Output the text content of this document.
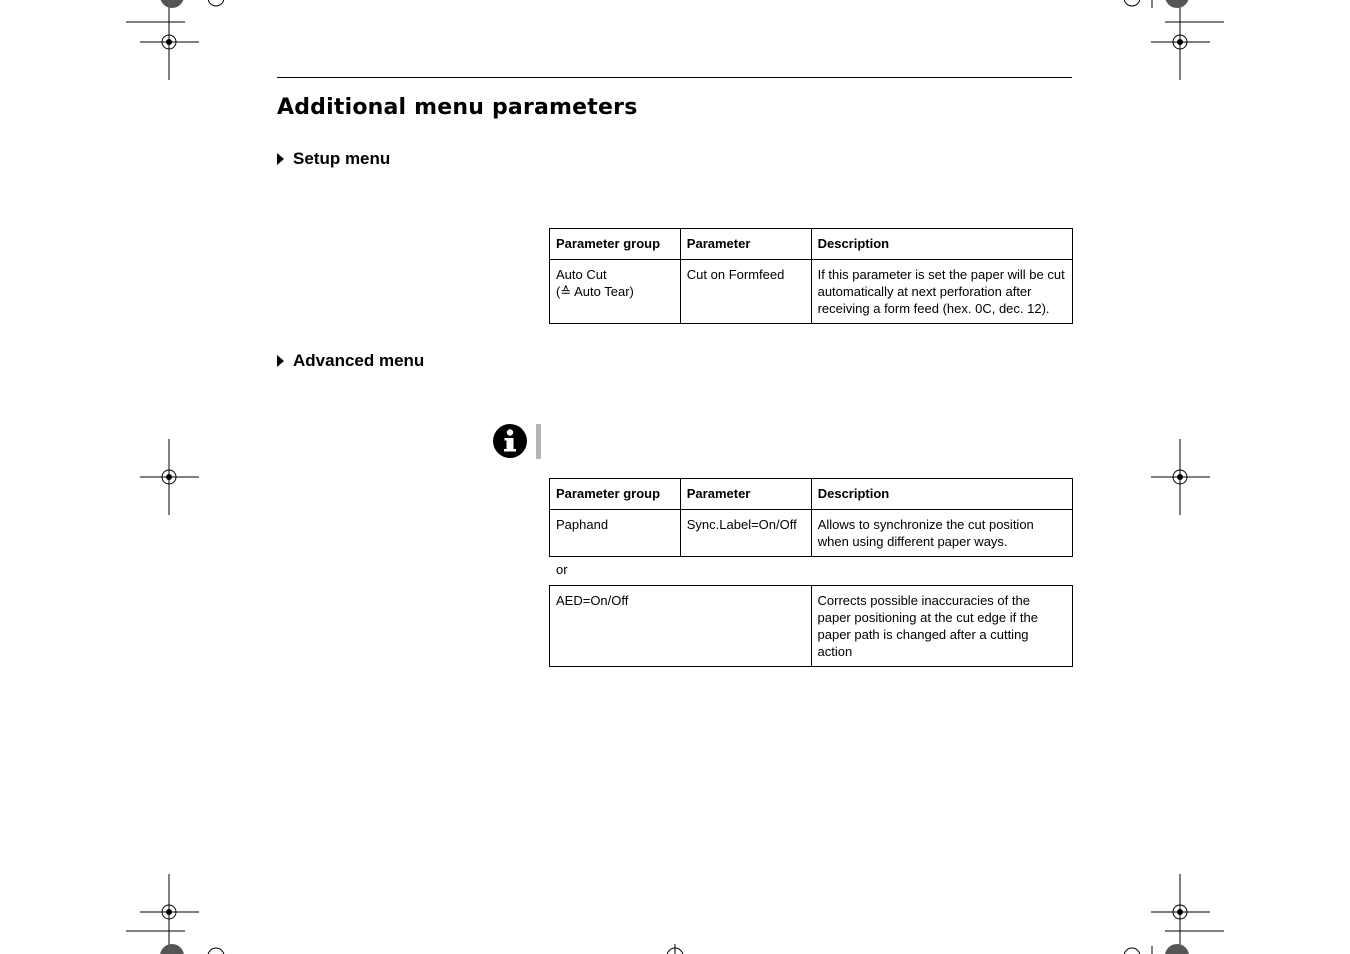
Additional menu parameters
Setup menu
Parameter group	Parameter	Description

Auto Cut
(≙ Auto Tear)	Cut on Formfeed	If this parameter is set the paper will be cut automatically at next perforation after receiving a form feed (hex. 0C, dec. 12).
Advanced menu
Parameter group	Parameter	Description
Paphand	Sync.Label=On/Off	Allows to synchronize the cut position when using different paper ways.
or
AED=On/Off	Corrects possible inaccuracies of the paper positioning at the cut edge if the paper path is changed after a cutting action
